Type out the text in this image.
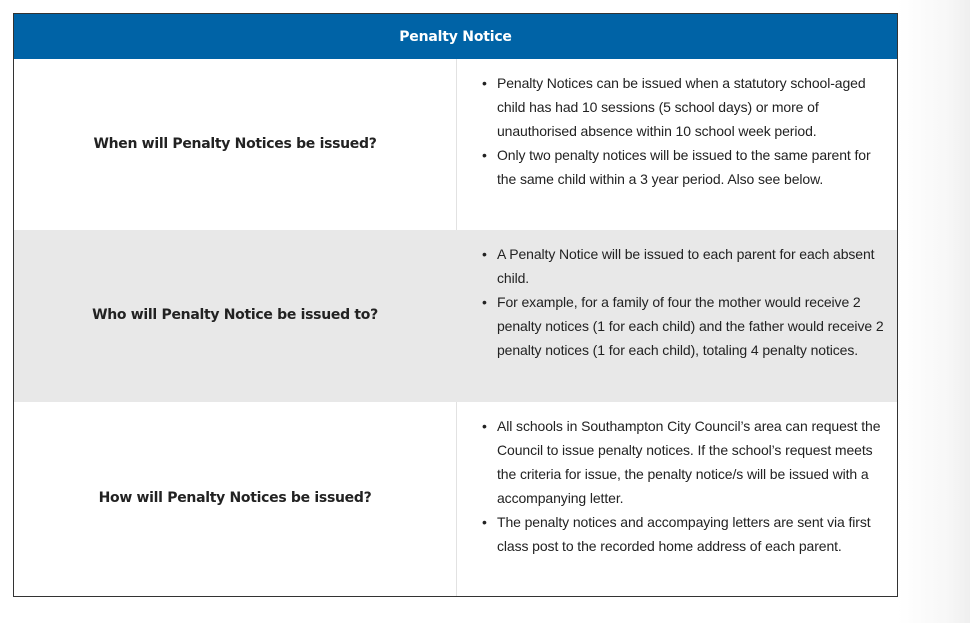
Penalty Notice
When will Penalty Notices be issued?
• Penalty Notices can be issued when a statutory school-aged child has had 10 sessions (5 school days) or more of unauthorised absence within 10 school week period.
• Only two penalty notices will be issued to the same parent for the same child within a 3 year period. Also see below.
Who will Penalty Notice be issued to?
• A Penalty Notice will be issued to each parent for each absent child.
• For example, for a family of four the mother would receive 2 penalty notices (1 for each child) and the father would receive 2 penalty notices (1 for each child), totaling 4 penalty notices.
How will Penalty Notices be issued?
• All schools in Southampton City Council’s area can request the Council to issue penalty notices. If the school’s request meets the criteria for issue, the penalty notice/s will be issued with a accompanying letter.
• The penalty notices and accompaying letters are sent via first class post to the recorded home address of each parent.
